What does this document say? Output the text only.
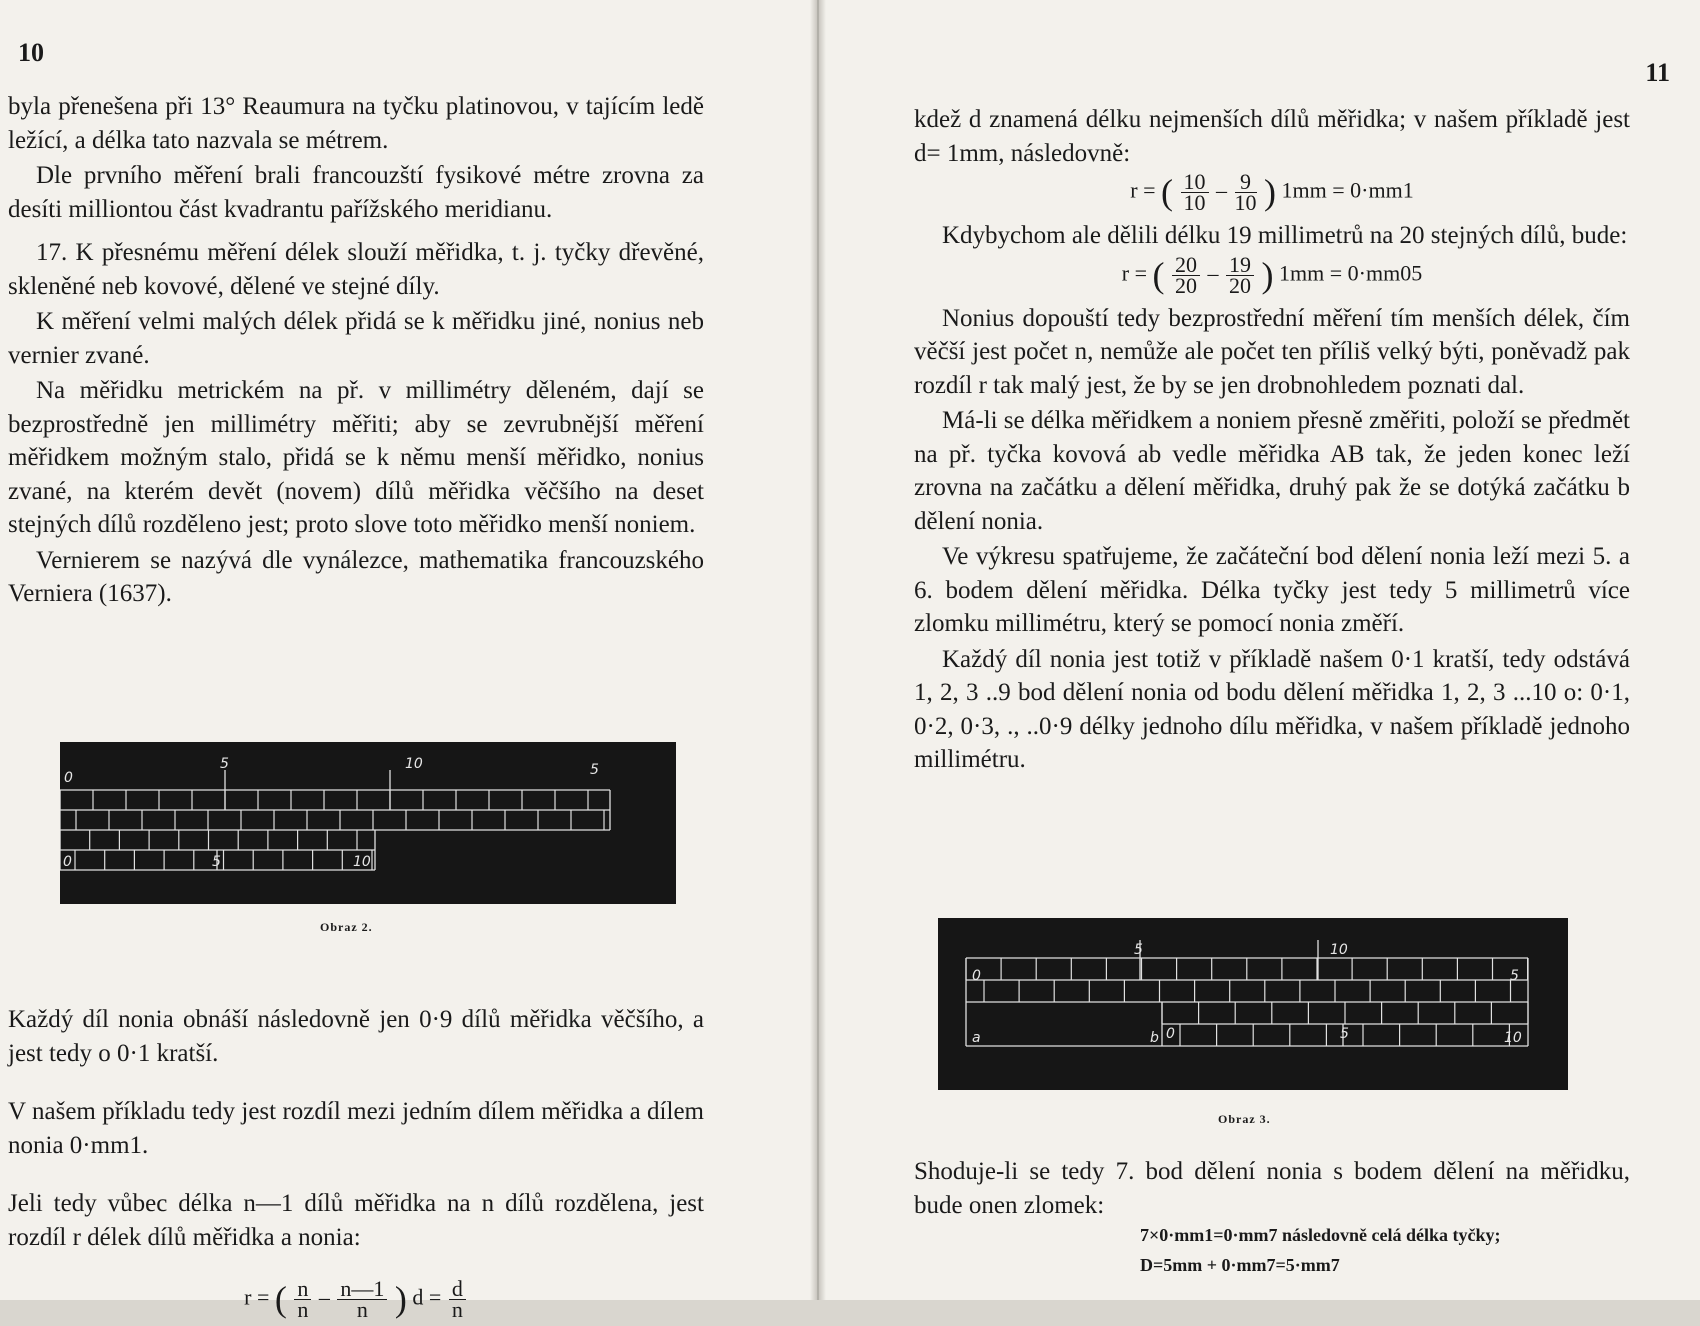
10

byla přenešena při 13° Reaumura na tyčku platinovou, v tajícím ledě ležící, a délka tato nazvala se métrem.

Dle prvního měření brali francouzští fysikové métre zrovna za desíti milliontou část kvadrantu pařížského meridianu.

17. K přesnému měření délek slouží měřidka, t. j. tyčky dřevěné, skleněné neb kovové, dělené ve stejné díly.

K měření velmi malých délek přidá se k měřidku jiné, nonius neb vernier zvané.

Na měřidku metrickém na př. v millimétry děleném, dají se bezprostředně jen millimétry měřiti; aby se zevrubnější měření měřidkem možným stalo, přidá se k němu menší měřidko, nonius zvané, na kterém devět (novem) dílů měřidka věčšího na deset stejných dílů rozděleno jest; proto slove toto měřidko menší noniem.

Vernierem se nazývá dle vynálezce, mathematika francouzského Verniera (1637).

0
5	10	5
0	5	10
Obraz 2.

Každý díl nonia obnáší následovně jen 0·9 dílů měřidka věčšího, a jest tedy o 0·1 kratší.

V našem příkladu tedy jest rozdíl mezi jedním dílem měřidka a dílem nonia 0·mm1.

Jeli tedy vůbec délka n—1 dílů měřidka na n dílů rozdělena, jest rozdíl r délek dílů měřidka a nonia:

r = ( $\frac{n}{n} - \frac{n—1}{n}$ ) $d = \frac{d}{n}$
11

kdež d znamená délku nejmenších dílů měřidka; v našem příkladě jest d= 1mm, následovně:

r = ( $\frac{10}{10} - \frac{9}{10}$ ) 1mm = 0·mm1

Kdybychom ale dělili délku 19 millimetrů na 20 stejných dílů, bude:

r = ( $\frac{20}{20} - \frac{19}{20}$ ) 1mm = 0·mm05

Nonius dopouští tedy bezprostřední měření tím menších délek, čím věčší jest počet n, nemůže ale počet ten příliš velký býti, poněvadž pak rozdíl r tak malý jest, že by se jen drobnohledem poznati dal.

Má-li se délka měřidkem a noniem přesně změřiti, položí se předmět na př. tyčka kovová ab vedle měřidka AB tak, že jeden konec leží zrovna na začátku a dělení měřidka, druhý pak že se dotýká začátku b dělení nonia.

Ve výkresu spatřujeme, že začáteční bod dělení nonia leží mezi 5. a 6. bodem dělení měřidka. Délka tyčky jest tedy 5 millimetrů více zlomku millimétru, který se pomocí nonia změří.

Každý díl nonia jest totiž v příkladě našem 0·1 kratší, tedy odstává 1, 2, 3 ..9 bod dělení nonia od bodu dělení měřidka 1, 2, 3 ...10 o: 0·1, 0·2, 0·3, ., ..0·9 délky jednoho dílu měřidka, v našem příkladě jednoho millimétru.

Shoduje-li se tedy 7. bod dělení nonia s bodem dělení na měřidku, bude onen zlomek:

0
5	10
5
a	b 0	5	10
Obraz 3.
7×0·mm1=0·mm7 následovně celá délka tyčky;
D=5mm + 0·mm7=5·mm7
